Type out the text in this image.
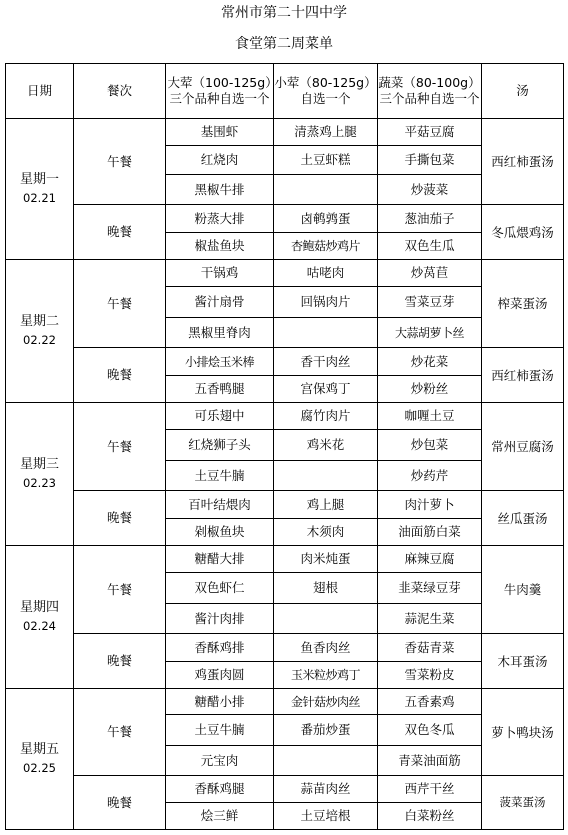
常州市第二十四中学
食堂第二周菜单
日期	餐次	大荤（100-125g）三个品种自选一个	小荤（80-125g）自选一个	蔬菜（80-100g）三个品种自选一个	汤

星期一
02.21	午餐	基围虾	清蒸鸡上腿	平菇豆腐	西红柿蛋汤
		红烧肉	土豆虾糕	手撕包菜	
		黑椒牛排		炒菠菜	
	晚餐	粉蒸大排	卤鹌鹑蛋	葱油茄子	冬瓜煨鸡汤
		椒盐鱼块	杏鲍菇炒鸡片	双色生瓜	

星期二
02.22	午餐	干锅鸡	咕咾肉	炒莴苣	榨菜蛋汤
		酱汁扇骨	回锅肉片	雪菜豆芽	
		黑椒里脊肉		大蒜胡萝卜丝	
	晚餐	小排烩玉米棒	香干肉丝	炒花菜	西红柿蛋汤
		五香鸭腿	宫保鸡丁	炒粉丝	

星期三
02.23	午餐	可乐翅中	腐竹肉片	咖喱土豆	常州豆腐汤
		红烧狮子头	鸡米花	炒包菜	
		土豆牛腩		炒药芹	
	晚餐	百叶结煨肉	鸡上腿	肉汁萝卜	丝瓜蛋汤
		剁椒鱼块	木须肉	油面筋白菜	

星期四
02.24	午餐	糖醋大排	肉米炖蛋	麻辣豆腐	牛肉羹
		双色虾仁	翅根	韭菜绿豆芽	
		酱汁肉排		蒜泥生菜	
	晚餐	香酥鸡排	鱼香肉丝	香菇青菜	木耳蛋汤
		鸡蛋肉圆	玉米粒炒鸡丁	雪菜粉皮	

星期五
02.25	午餐	糖醋小排	金针菇炒肉丝	五香素鸡	萝卜鸭块汤
		土豆牛腩	番茄炒蛋	双色冬瓜	
		元宝肉		青菜油面筋	
	晚餐	香酥鸡腿	蒜苗肉丝	西芹干丝	菠菜蛋汤
		烩三鲜	土豆培根	白菜粉丝	
